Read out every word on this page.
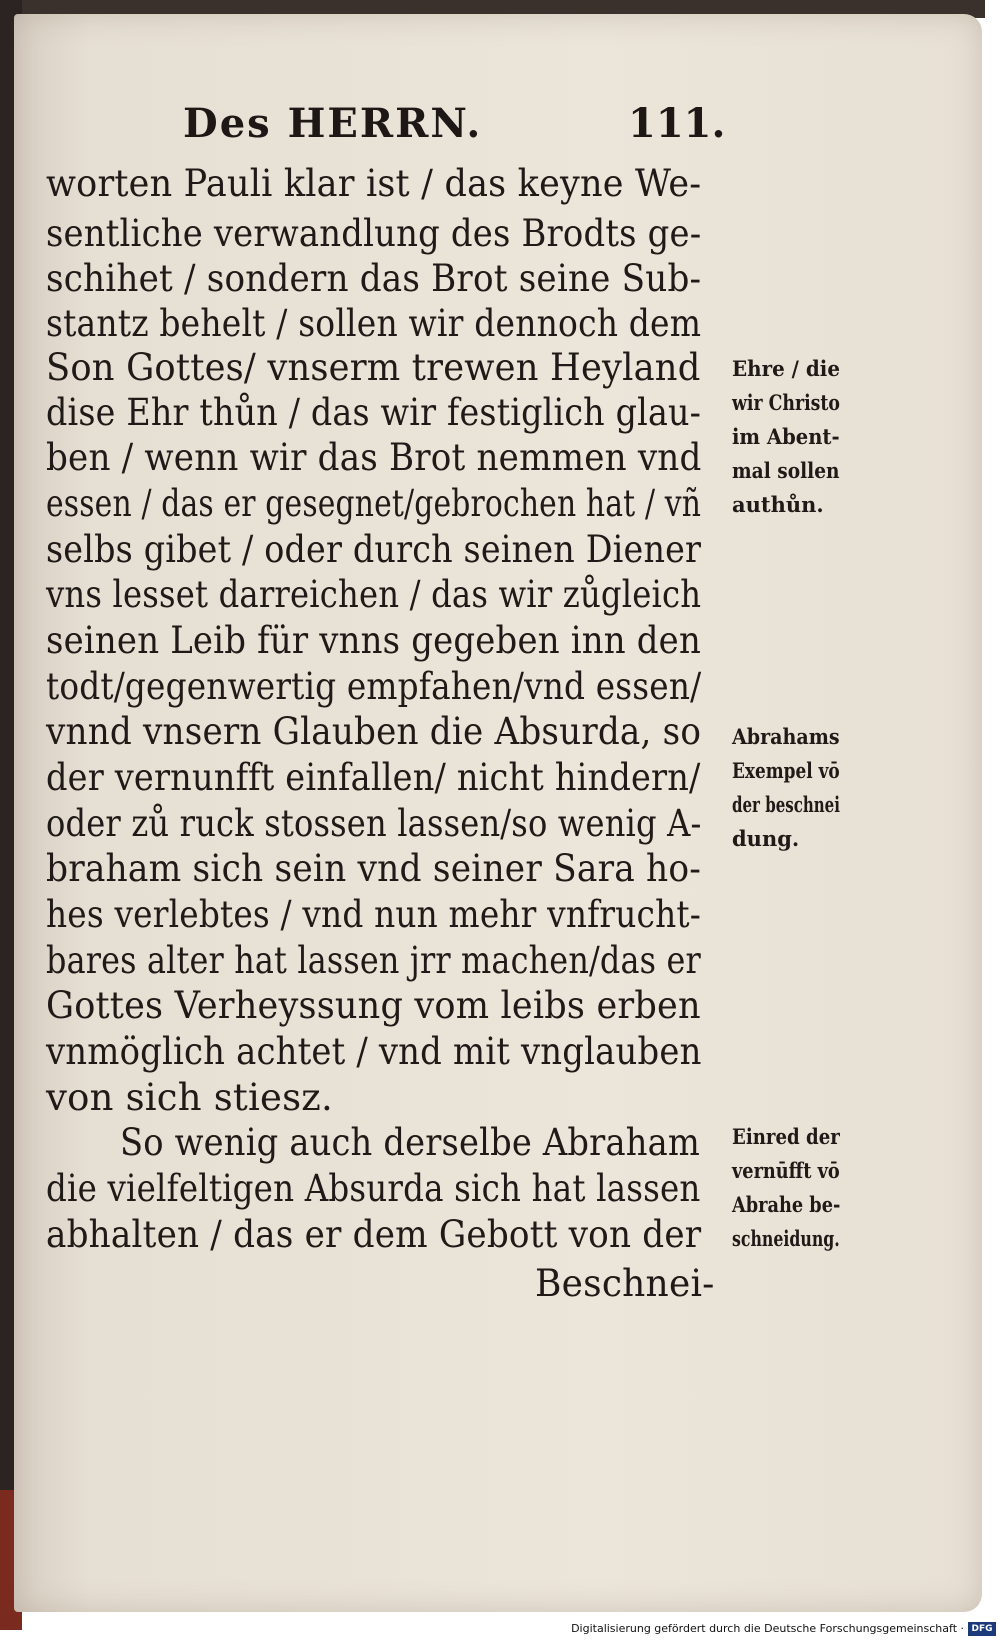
Des HERRN.	111.
worten Pauli klar ist / das keyne We-
sentliche verwandlung des Brodts ge-
schihet / sondern das Brot seine Sub-
stantz behelt / sollen wir dennoch dem
Son Gottes/ vnserm trewen Heyland
dise Ehr thůn / das wir festiglich glau-
ben / wenn wir das Brot nemmen vnd
essen / das er gesegnet/gebrochen hat / vñ
selbs gibet / oder durch seinen Diener
vns lesset darreichen / das wir zůgleich
seinen Leib für vnns gegeben inn den
todt/gegenwertig empfahen/vnd essen/
vnnd vnsern Glauben die Absurda, so
der vernunfft einfallen/ nicht hindern/
oder zů ruck stossen lassen/so wenig A-
braham sich sein vnd seiner Sara ho-
hes verlebtes / vnd nun mehr vnfrucht-
bares alter hat lassen jrr machen/das er
Gottes Verheyssung vom leibs erben
vnmöglich achtet / vnd mit vnglauben
von sich stiesz.
So wenig auch derselbe Abraham
die vielfeltigen Absurda sich hat lassen
abhalten / das er dem Gebott von der
Beschnei-
Ehre / die
wir Christo
im Abent-
mal sollen
authůn.
Abrahams
Exempel vō
der beschnei
dung.
Einred der
vernūfft vō
Abrahe be-
schneidung.
Digitalisierung gefördert durch die Deutsche Forschungsgemeinschaft · DFG
